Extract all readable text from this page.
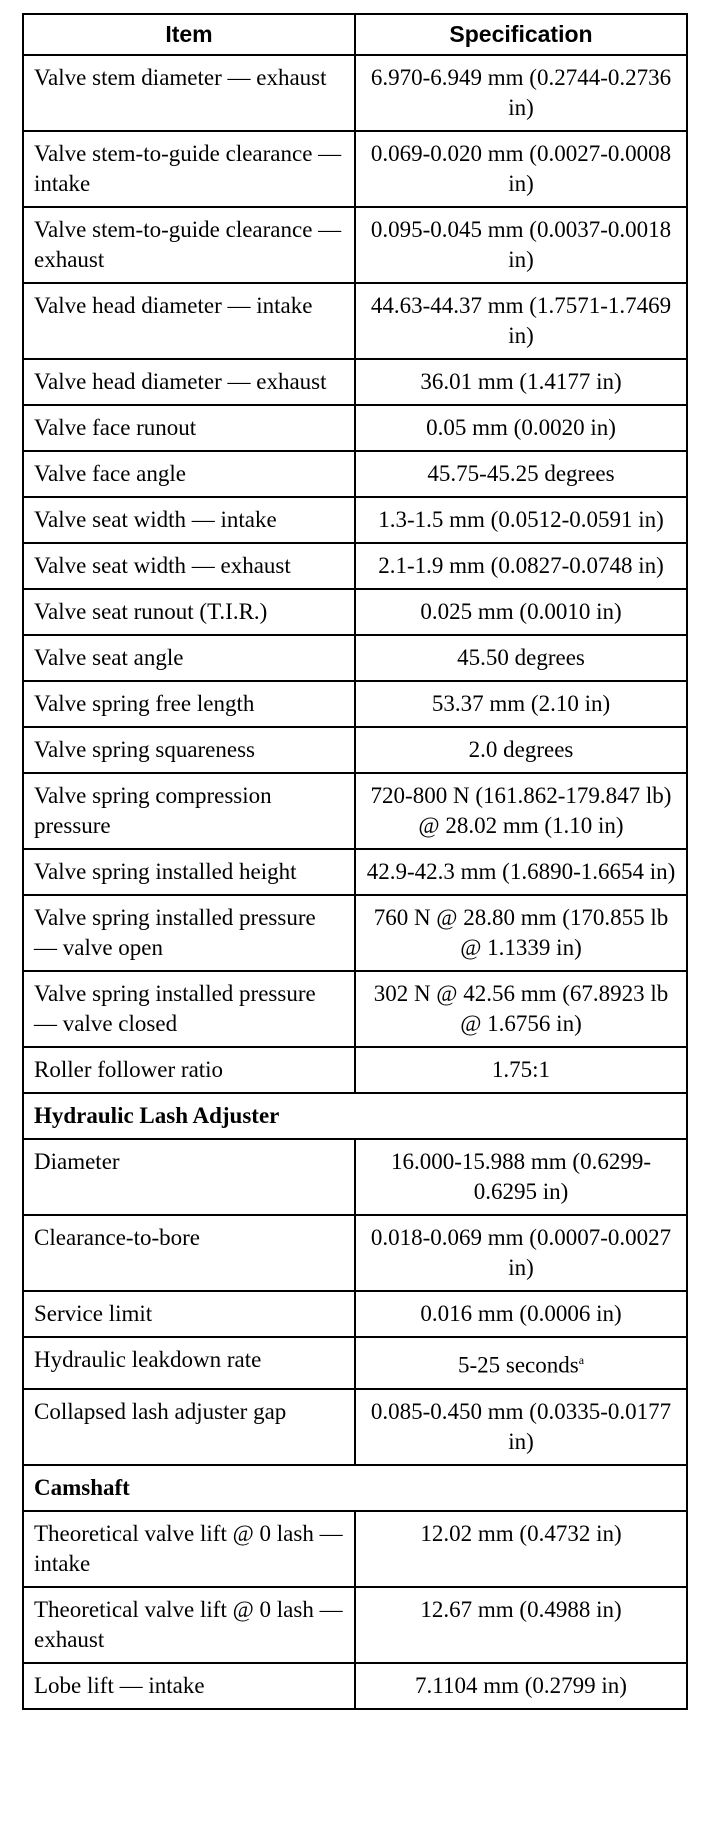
Item	Specification
Valve stem diameter — exhaust	6.970-6.949 mm (0.2744-0.2736 in)
Valve stem-to-guide clearance — intake	0.069-0.020 mm (0.0027-0.0008 in)
Valve stem-to-guide clearance — exhaust	0.095-0.045 mm (0.0037-0.0018 in)
Valve head diameter — intake	44.63-44.37 mm (1.7571-1.7469 in)
Valve head diameter — exhaust	36.01 mm (1.4177 in)
Valve face runout	0.05 mm (0.0020 in)
Valve face angle	45.75-45.25 degrees
Valve seat width — intake	1.3-1.5 mm (0.0512-0.0591 in)
Valve seat width — exhaust	2.1-1.9 mm (0.0827-0.0748 in)
Valve seat runout (T.I.R.)	0.025 mm (0.0010 in)
Valve seat angle	45.50 degrees
Valve spring free length	53.37 mm (2.10 in)
Valve spring squareness	2.0 degrees
Valve spring compression pressure	720-800 N (161.862-179.847 lb) @ 28.02 mm (1.10 in)
Valve spring installed height	42.9-42.3 mm (1.6890-1.6654 in)
Valve spring installed pressure — valve open	760 N @ 28.80 mm (170.855 lb @ 1.1339 in)
Valve spring installed pressure — valve closed	302 N @ 42.56 mm (67.8923 lb @ 1.6756 in)
Roller follower ratio	1.75:1
Hydraulic Lash Adjuster	
Diameter	16.000-15.988 mm (0.6299-0.6295 in)
Clearance-to-bore	0.018-0.069 mm (0.0007-0.0027 in)
Service limit	0.016 mm (0.0006 in)
Hydraulic leakdown rate	5-25 seconds$^a$
Collapsed lash adjuster gap	0.085-0.450 mm (0.0335-0.0177 in)
Camshaft	
Theoretical valve lift @ 0 lash — intake	12.02 mm (0.4732 in)
Theoretical valve lift @ 0 lash — exhaust	12.67 mm (0.4988 in)
Lobe lift — intake	7.1104 mm (0.2799 in)
